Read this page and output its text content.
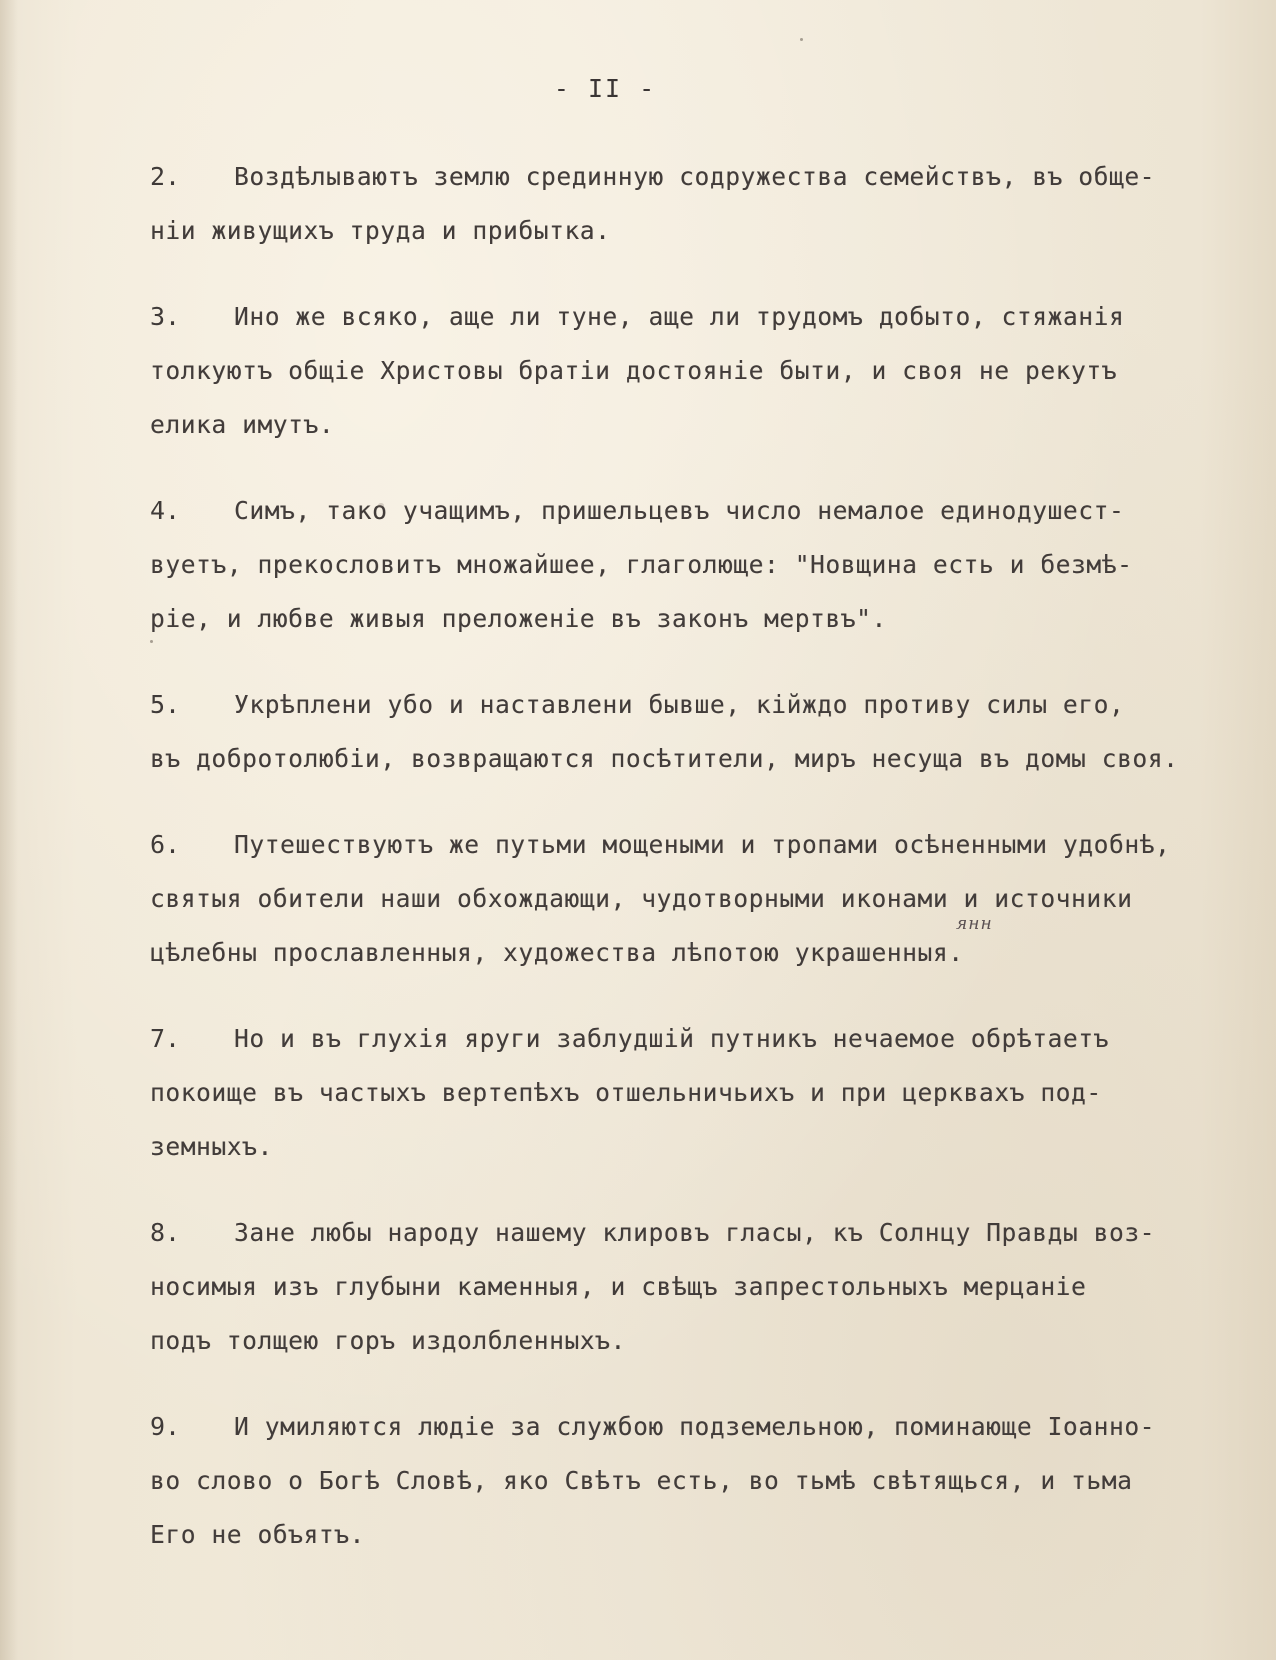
- II -
янн
2.	Воздѣлываютъ землю срединную содружества семействъ, въ обще-
нiи живущихъ труда и прибытка.
3.	Ино же всяко, аще ли туне, аще ли трудомъ добыто, стяжанiя
толкуютъ общiе Христовы братiи достоянiе быти, и своя не рекутъ
елика имутъ.
4.	Симъ, тако учащимъ, пришельцевъ число немалое единодушест-
вуетъ, прекословитъ множайшее, глаголюще: "Новщина есть и безмѣ-
рiе, и любве живыя преложенiе въ законъ мертвъ".
5.	Укрѣплени убо и наставлени бывше, кiйждо противу силы его,
въ добротолюбiи, возвращаются посѣтители, миръ несуща въ домы своя.
6.	Путешествуютъ же путьми мощеными и тропами осѣненными удобнѣ,
святыя обители наши обхождающи, чудотворными иконами и источники
цѣлебны прославленныя, художества лѣпотою украшенныя.
7.	Но и въ глухiя яруги заблудшiй путникъ нечаемое обрѣтаетъ
покоище въ частыхъ вертепѣхъ отшельничьихъ и при церквахъ под-
земныхъ.
8.	Зане любы народу нашему клировъ гласы, къ Солнцу Правды воз-
носимыя изъ глубыни каменныя, и свѣщъ запрестольныхъ мерцанiе
подъ толщею горъ издолбленныхъ.
9.	И умиляются людiе за службою подземельною, поминающе Iоанно-
во слово о Богѣ Словѣ, яко Свѣтъ есть, во тьмѣ свѣтящься, и тьма
Его не объятъ.
